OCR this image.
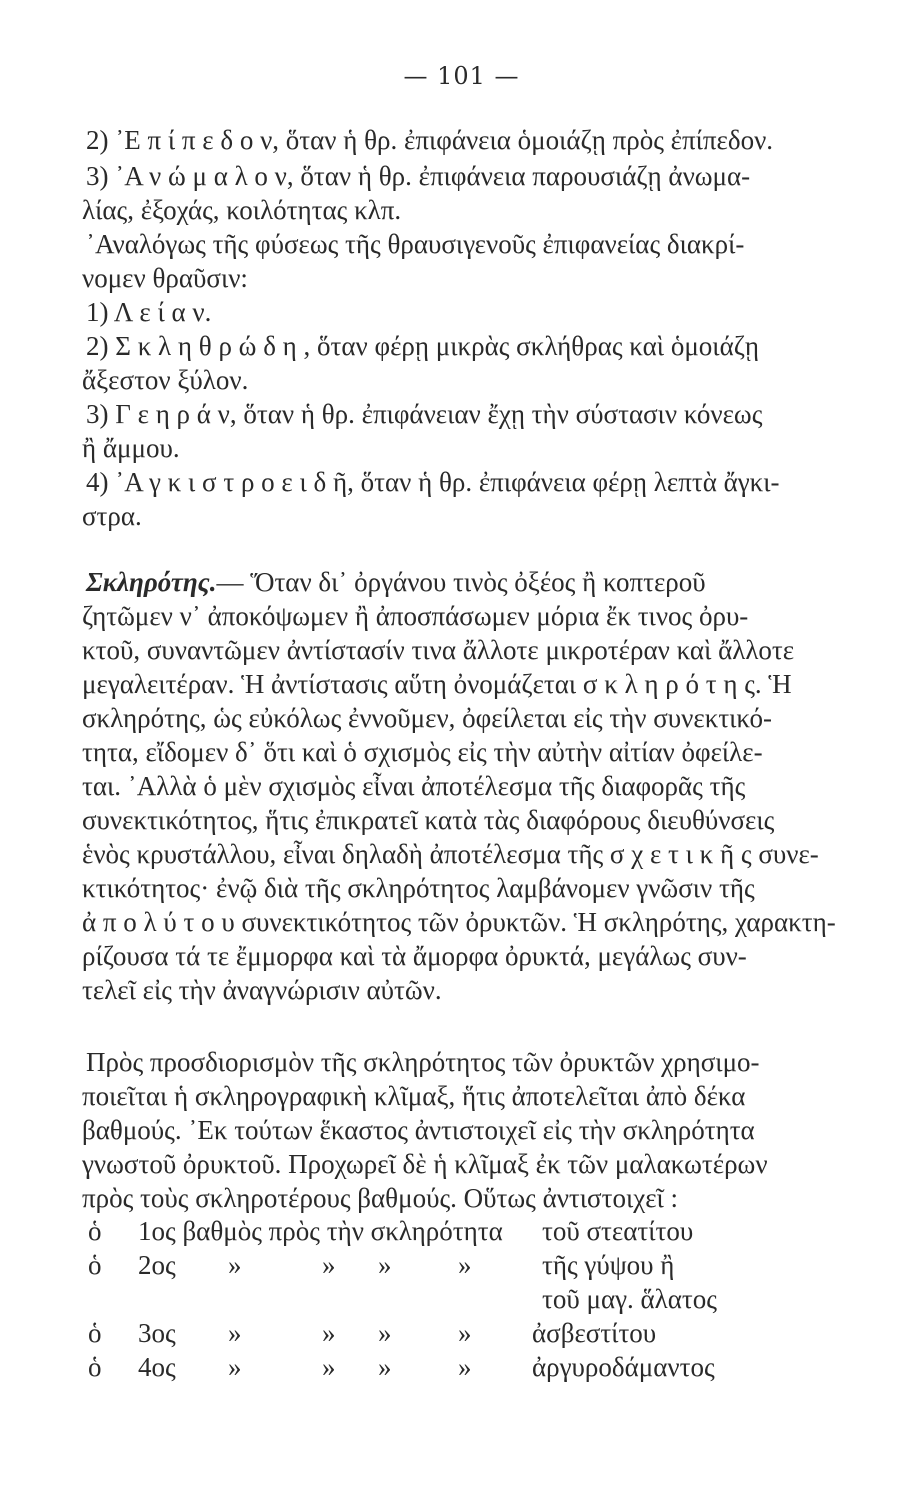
— 101 —
2) ᾿Ε π ί π ε δ ο ν, ὅταν ἡ θρ. ἐπιφάνεια ὁμοιάζῃ πρὸς ἐπίπεδον.
3) ᾿Α ν ώ μ α λ ο ν, ὅταν ἡ θρ. ἐπιφάνεια παρουσιάζῃ ἀνωμα-
λίας, ἐξοχάς, κοιλότητας κλπ.
᾿Αναλόγως τῆς φύσεως τῆς θραυσιγενοῦς ἐπιφανείας διακρί-
νομεν θραῦσιν:
1) Λ ε ί α ν.
2) Σ κ λ η θ ρ ώ δ η , ὅταν φέρῃ μικρὰς σκλήθρας καὶ ὁμοιάζῃ
ἄξεστον ξύλον.
3) Γ ε η ρ ά ν, ὅταν ἡ θρ. ἐπιφάνειαν ἔχῃ τὴν σύστασιν κόνεως
ἢ ἄμμου.
4) ᾿Α γ κ ι σ τ ρ ο ε ι δ ῆ, ὅταν ἡ θρ. ἐπιφάνεια φέρῃ λεπτὰ ἄγκι-
στρα.
Σκληρότης.— Ὅταν δι᾿ ὀργάνου τινὸς ὀξέος ἢ κοπτεροῦ
ζητῶμεν ν᾿ ἀποκόψωμεν ἢ ἀποσπάσωμεν μόρια ἔκ τινος ὀρυ-
κτοῦ, συναντῶμεν ἀντίστασίν τινα ἄλλοτε μικροτέραν καὶ ἄλλοτε
μεγαλειτέραν. Ἡ ἀντίστασις αὕτη ὀνομάζεται σ κ λ η ρ ό τ η ς. Ἡ
σκληρότης, ὡς εὐκόλως ἐννοῦμεν, ὀφείλεται εἰς τὴν συνεκτικό-
τητα, εἴδομεν δ᾿ ὅτι καὶ ὁ σχισμὸς εἰς τὴν αὐτὴν αἰτίαν ὀφείλε-
ται. ᾿Αλλὰ ὁ μὲν σχισμὸς εἶναι ἀποτέλεσμα τῆς διαφορᾶς τῆς
συνεκτικότητος, ἥτις ἐπικρατεῖ κατὰ τὰς διαφόρους διευθύνσεις
ἑνὸς κρυστάλλου, εἶναι δηλαδὴ ἀποτέλεσμα τῆς σ χ ε τ ι κ ῆ ς συνε-
κτικότητος· ἐνῷ διὰ τῆς σκληρότητος λαμβάνομεν γνῶσιν τῆς
ἀ π ο λ ύ τ ο υ συνεκτικότητος τῶν ὀρυκτῶν. Ἡ σκληρότης, χαρακτη-
ρίζουσα τά τε ἔμμορφα καὶ τὰ ἄμορφα ὀρυκτά, μεγάλως συν-
τελεῖ εἰς τὴν ἀναγνώρισιν αὐτῶν.
Πρὸς προσδιορισμὸν τῆς σκληρότητος τῶν ὀρυκτῶν χρησιμο-
ποιεῖται ἡ σκληρογραφικὴ κλῖμαξ, ἥτις ἀποτελεῖται ἀπὸ δέκα
βαθμούς. ᾿Εκ τούτων ἕκαστος ἀντιστοιχεῖ εἰς τὴν σκληρότητα
γνωστοῦ ὀρυκτοῦ. Προχωρεῖ δὲ ἡ κλῖμαξ ἐκ τῶν μαλακωτέρων
πρὸς τοὺς σκληροτέρους βαθμούς. Οὕτως ἀντιστοιχεῖ :
ὁ 1ος βαθμὸς πρὸς τὴν σκληρότητα τοῦ στεατίτου
ὁ 2ος »	» » »	τῆς γύψου ἢ
τοῦ μαγ. ἅλατος
ὁ 3ος »	» » » ἀσβεστίτου
ὁ 4ος »	» » » ἀργυροδάμαντος
